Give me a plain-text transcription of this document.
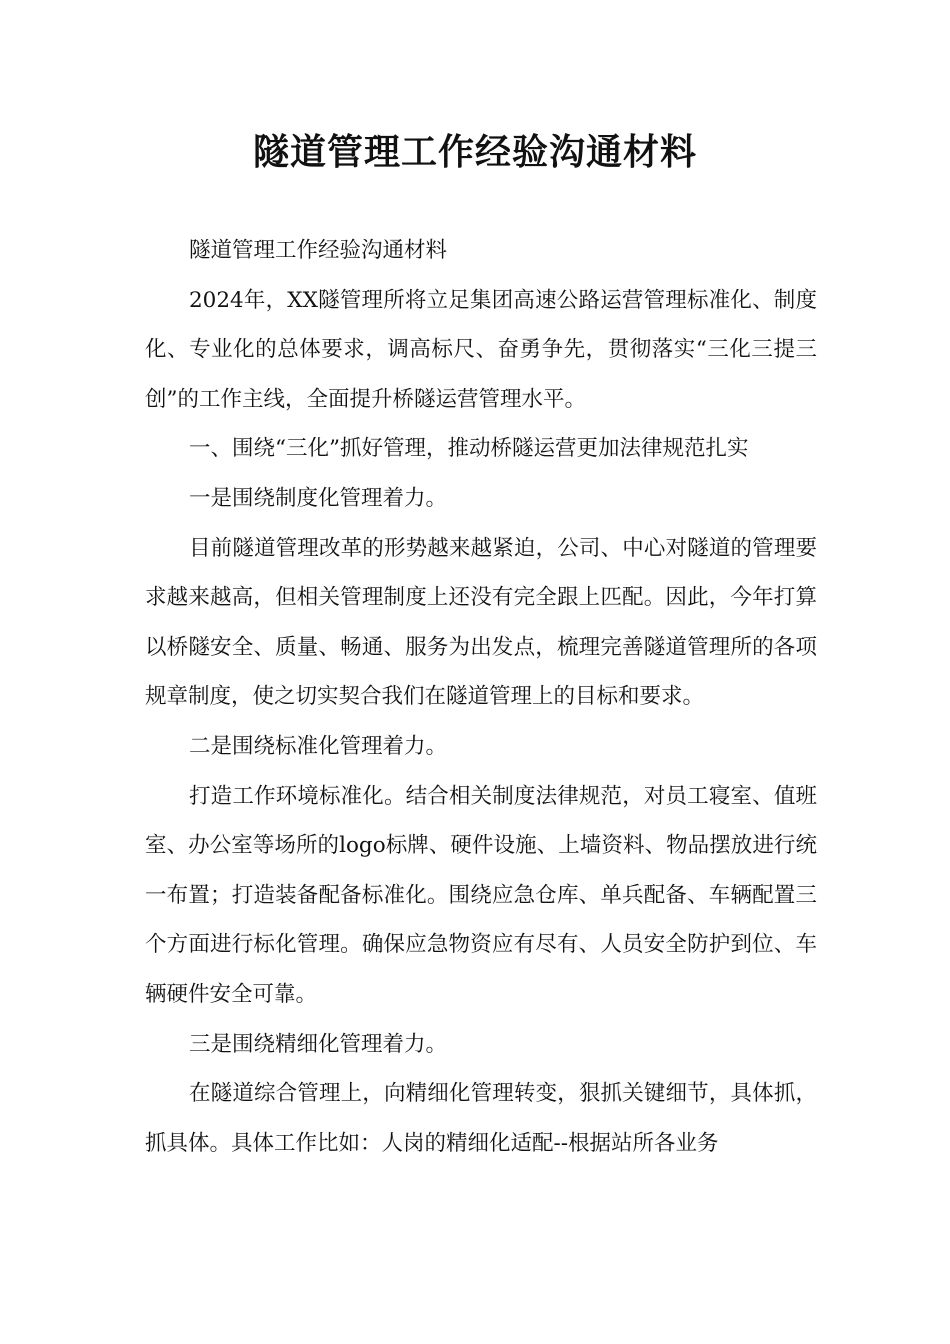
隧道管理工作经验沟通材料

隧道管理工作经验沟通材料

2024年，XX隧管理所将立足集团高速公路运营管理标准化、制度化、专业化的总体要求，调高标尺、奋勇争先，贯彻落实“三化三提三创”的工作主线，全面提升桥隧运营管理水平。

一、围绕“三化”抓好管理，推动桥隧运营更加法律规范扎实

一是围绕制度化管理着力。

目前隧道管理改革的形势越来越紧迫，公司、中心对隧道的管理要求越来越高，但相关管理制度上还没有完全跟上匹配。因此，今年打算以桥隧安全、质量、畅通、服务为出发点，梳理完善隧道管理所的各项规章制度，使之切实契合我们在隧道管理上的目标和要求。

二是围绕标准化管理着力。

打造工作环境标准化。结合相关制度法律规范，对员工寝室、值班室、办公室等场所的logo标牌、硬件设施、上墙资料、物品摆放进行统一布置；打造装备配备标准化。围绕应急仓库、单兵配备、车辆配置三个方面进行标化管理。确保应急物资应有尽有、人员安全防护到位、车辆硬件安全可靠。

三是围绕精细化管理着力。

在隧道综合管理上，向精细化管理转变，狠抓关键细节，具体抓，抓具体。具体工作比如：人岗的精细化适配--根据站所各业务
